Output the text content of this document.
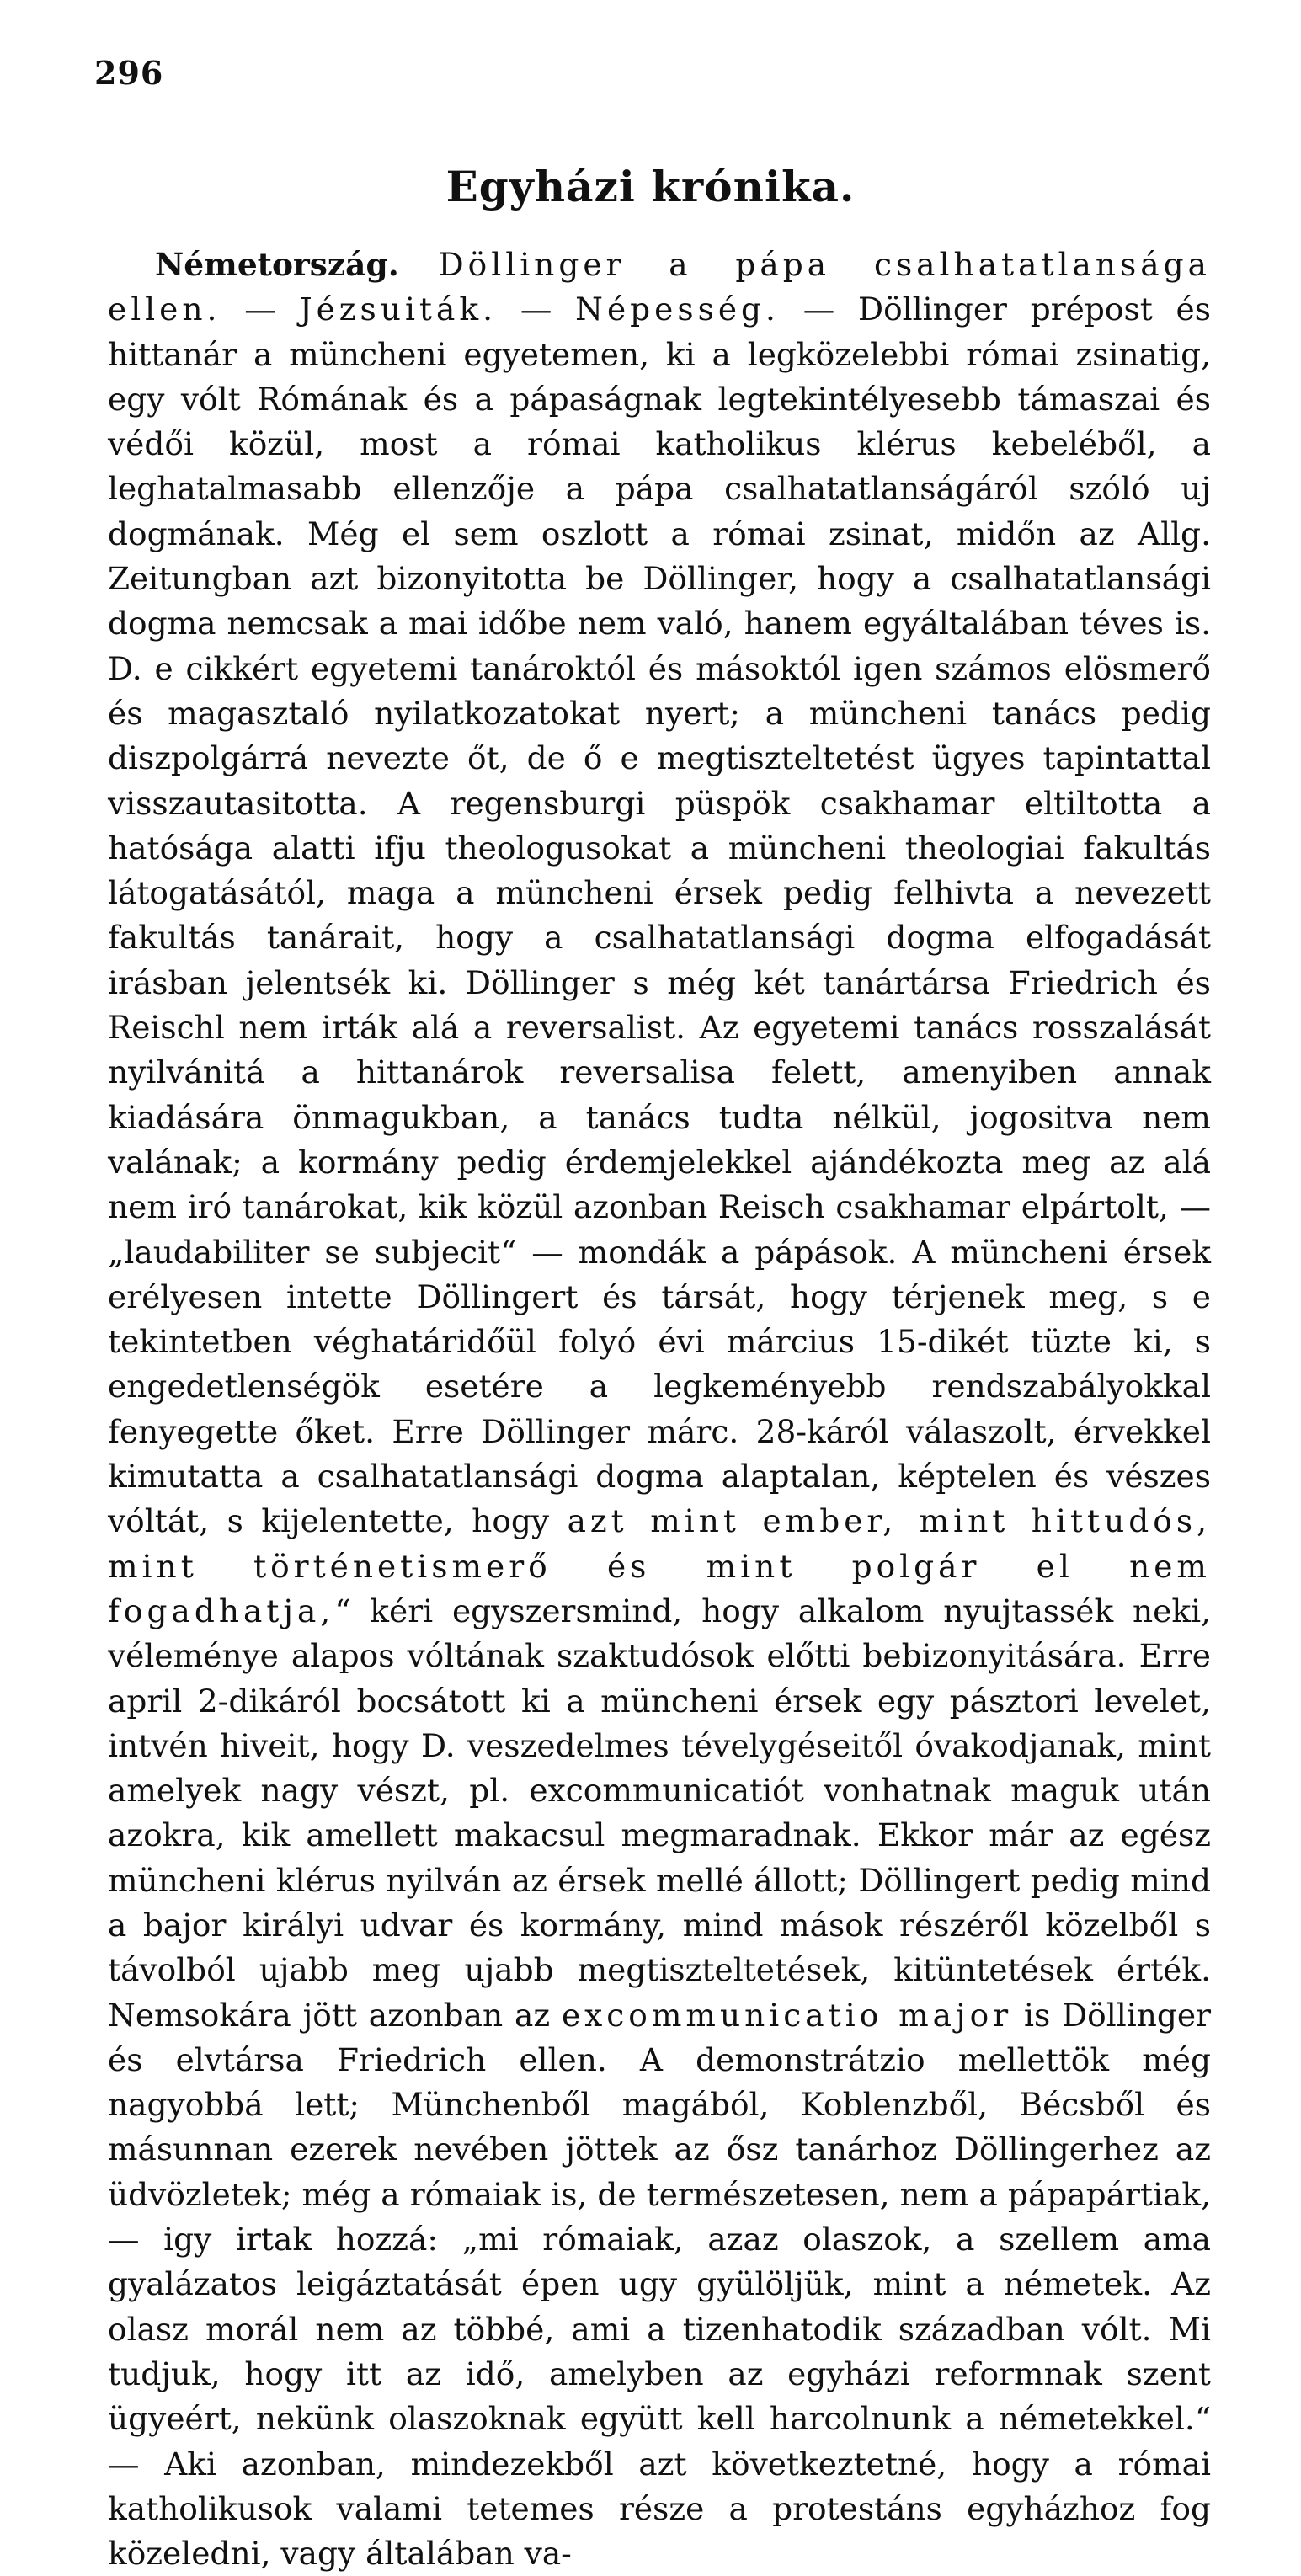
296
Egyházi krónika.

Németország. Döllinger a pápa csalhatatlansága ellen. — Jézsuiták. — Népesség. — Döllinger prépost és hittanár a müncheni egyetemen, ki a legközelebbi római zsinatig, egy vólt Rómának és a pápaságnak legtekintélyesebb támaszai és védői közül, most a római katholikus klérus kebeléből, a leghatalmasabb ellenzője a pápa csalhatatlanságáról szóló uj dogmának. Még el sem oszlott a római zsinat, midőn az Allg. Zeitungban azt bizonyitotta be Döllinger, hogy a csalhatatlansági dogma nemcsak a mai időbe nem való, hanem egyáltalában téves is. D. e cikkért egyetemi tanároktól és másoktól igen számos elösmerő és magasztaló nyilatkozatokat nyert; a müncheni tanács pedig diszpolgárrá nevezte őt, de ő e megtiszteltetést ügyes tapintattal visszautasitotta. A regensburgi püspök csakhamar eltiltotta a hatósága alatti ifju theologusokat a müncheni theologiai fakultás látogatásától, maga a müncheni érsek pedig felhivta a nevezett fakultás tanárait, hogy a csalhatatlansági dogma elfogadását irásban jelentsék ki. Döllinger s még két tanártársa Friedrich és Reischl nem irták alá a reversalist. Az egyetemi tanács rosszalását nyilvánitá a hittanárok reversalisa felett, amenyiben annak kiadására önmagukban, a tanács tudta nélkül, jogositva nem valának; a kormány pedig érdemjelekkel ajándékozta meg az alá nem iró tanárokat, kik közül azonban Reisch csakhamar elpártolt, — „laudabiliter se subjecit“ — mondák a pápások. A müncheni érsek erélyesen intette Döllingert és társát, hogy térjenek meg, s e tekintetben véghatáridőül folyó évi március 15-dikét tüzte ki, s engedetlenségök esetére a legkeményebb rendszabályokkal fenyegette őket. Erre Döllinger márc. 28-káról válaszolt, érvekkel kimutatta a csalhatatlansági dogma alaptalan, képtelen és vészes vóltát, s kijelentette, hogy azt mint ember, mint hittudós, mint történetismerő és mint polgár el nem fogadhatja,“ kéri egyszersmind, hogy alkalom nyujtassék neki, véleménye alapos vóltának szaktudósok előtti bebizonyitására. Erre april 2-dikáról bocsátott ki a müncheni érsek egy pásztori levelet, intvén hiveit, hogy D. veszedelmes tévelygéseitől óvakodjanak, mint amelyek nagy vészt, pl. excommunicatiót vonhatnak maguk után azokra, kik amellett makacsul megmaradnak. Ekkor már az egész müncheni klérus nyilván az érsek mellé állott; Döllingert pedig mind a bajor királyi udvar és kormány, mind mások részéről közelből s távolból ujabb meg ujabb megtiszteltetések, kitüntetések érték. Nemsokára jött azonban az excommunicatio major is Döllinger és elvtársa Friedrich ellen. A demonstrátzio mellettök még nagyobbá lett; Münchenből magából, Koblenzből, Bécsből és másunnan ezerek nevében jöttek az ősz tanárhoz Döllingerhez az üdvözletek; még a rómaiak is, de természetesen, nem a pápapártiak, — igy irtak hozzá: „mi rómaiak, azaz olaszok, a szellem ama gyalázatos leigáztatását épen ugy gyülöljük, mint a németek. Az olasz morál nem az többé, ami a tizenhatodik században vólt. Mi tudjuk, hogy itt az idő, amelyben az egyházi reformnak szent ügyeért, nekünk olaszoknak együtt kell harcolnunk a németekkel.“ — Aki azonban, mindezekből azt következtetné, hogy a római katholikusok valami tetemes része a protestáns egyházhoz fog közeledni, vagy általában va-
